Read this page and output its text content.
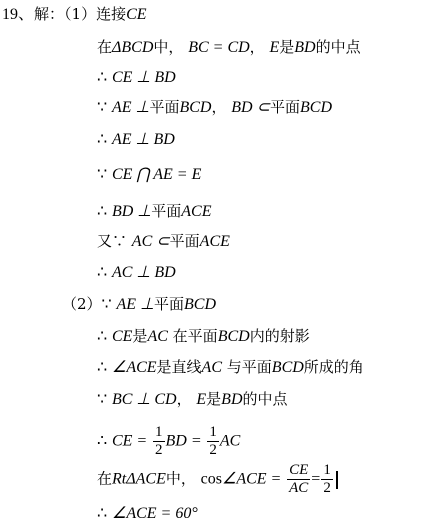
19、解：（1）连接CE
在ΔBCD中， BC = CD， E是BD的中点
∴ CE ⊥ BD
∵ AE ⊥平面BCD， BD ⊂平面BCD
∴ AE ⊥ BD
∵ CE ⋂ AE = E
∴ BD ⊥平面ACE
又∵ AC ⊂平面ACE
∴ AC ⊥ BD
（2）∵ AE ⊥平面BCD
∴ CE是AC 在平面BCD内的射影
∴ ∠ACE是直线AC 与平面BCD所成的角
∵ BC ⊥ CD， E是BD的中点
∴ CE = $\frac{1}{2}$ BD = $\frac{1}{2}$ AC
在RtΔACE中， cos∠ACE = $\frac{CE}{AC} = \frac{1}{2}$
∴ ∠ACE = 60°
